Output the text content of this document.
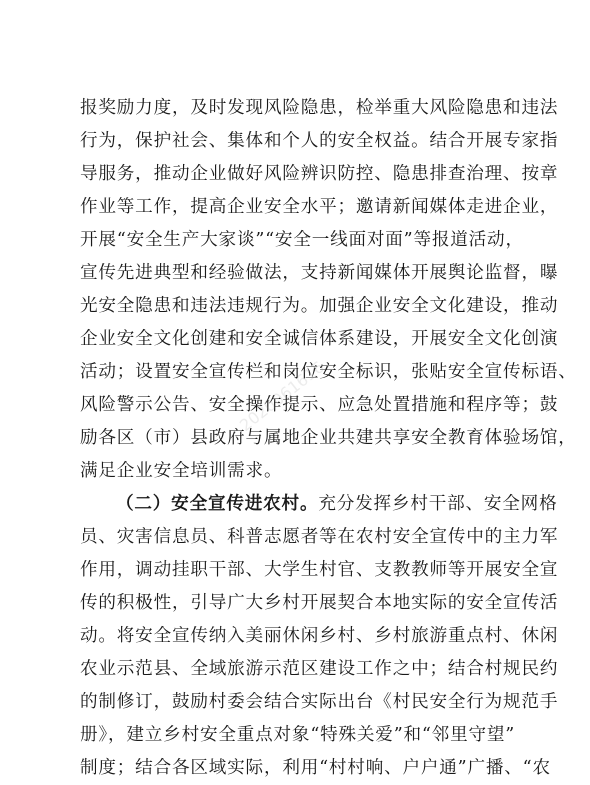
报奖励力度，及时发现风险隐患，检举重大风险隐患和违法
行为，保护社会、集体和个人的安全权益。结合开展专家指
导服务，推动企业做好风险辨识防控、隐患排查治理、按章
作业等工作，提高企业安全水平；邀请新闻媒体走进企业，
开展“安全生产大家谈”“安全一线面对面”等报道活动，
宣传先进典型和经验做法，支持新闻媒体开展舆论监督，曝
光安全隐患和违法违规行为。加强企业安全文化建设，推动
企业安全文化创建和安全诚信体系建设，开展安全文化创演
活动；设置安全宣传栏和岗位安全标识，张贴安全宣传标语、
风险警示公告、安全操作提示、应急处置措施和程序等；鼓
励各区（市）县政府与属地企业共建共享安全教育体验场馆，
满足企业安全培训需求。
（二）安全宣传进农村。充分发挥乡村干部、安全网格
员、灾害信息员、科普志愿者等在农村安全宣传中的主力军
作用，调动挂职干部、大学生村官、支教教师等开展安全宣
传的积极性，引导广大乡村开展契合本地实际的安全宣传活
动。将安全宣传纳入美丽休闲乡村、乡村旅游重点村、休闲
农业示范县、全域旅游示范区建设工作之中；结合村规民约
的制修订，鼓励村委会结合实际出台《村民安全行为规范手
册》，建立乡村安全重点对象“特殊关爱”和“邻里守望”
制度；结合各区域实际，利用“村村响、户户通”广播、“农
2020061616
